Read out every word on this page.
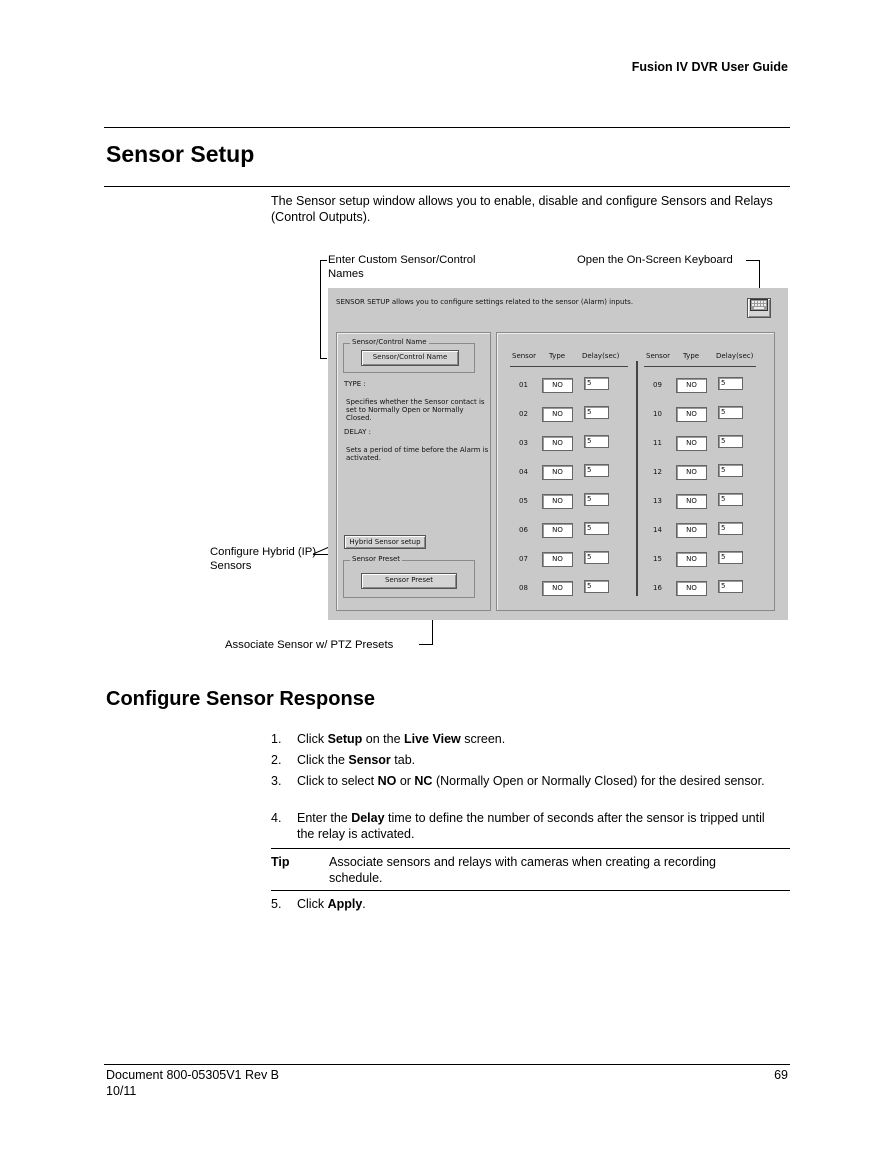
Fusion IV DVR User Guide
Sensor Setup
The Sensor setup window allows you to enable, disable and configure Sensors and Relays (Control Outputs).
Enter Custom Sensor/Control Names
Open the On-Screen Keyboard
Configure Hybrid (IP) Sensors
Associate Sensor w/ PTZ Presets
SENSOR SETUP allows you to configure settings related to the sensor (Alarm) inputs.
Sensor/Control Name
Sensor/Control Name
TYPE :
Specifies whether the Sensor contact is set to Normally Open or Normally Closed.
DELAY :
Sets a period of time before the Alarm is activated.
Hybrid Sensor setup
Sensor Preset
Sensor Preset
Sensor Type Delay(sec)	Sensor Type Delay(sec)
01	NO	5
02	NO	5
03	NO	5
04	NO	5
05	NO	5
06	NO	5
07	NO	5
08	NO	5
09	NO	5
10	NO	5
11	NO	5
12	NO	5
13	NO	5
14	NO	5
15	NO	5
16	NO	5
Configure Sensor Response
1. Click Setup on the Live View screen.
2. Click the Sensor tab.
3. Click to select NO or NC (Normally Open or Normally Closed) for the desired sensor.
4. Enter the Delay time to define the number of seconds after the sensor is tripped until the relay is activated.
Tip	Associate sensors and relays with cameras when creating a recording schedule.
5. Click Apply.
Document 800-05305V1 Rev B
10/11
69
